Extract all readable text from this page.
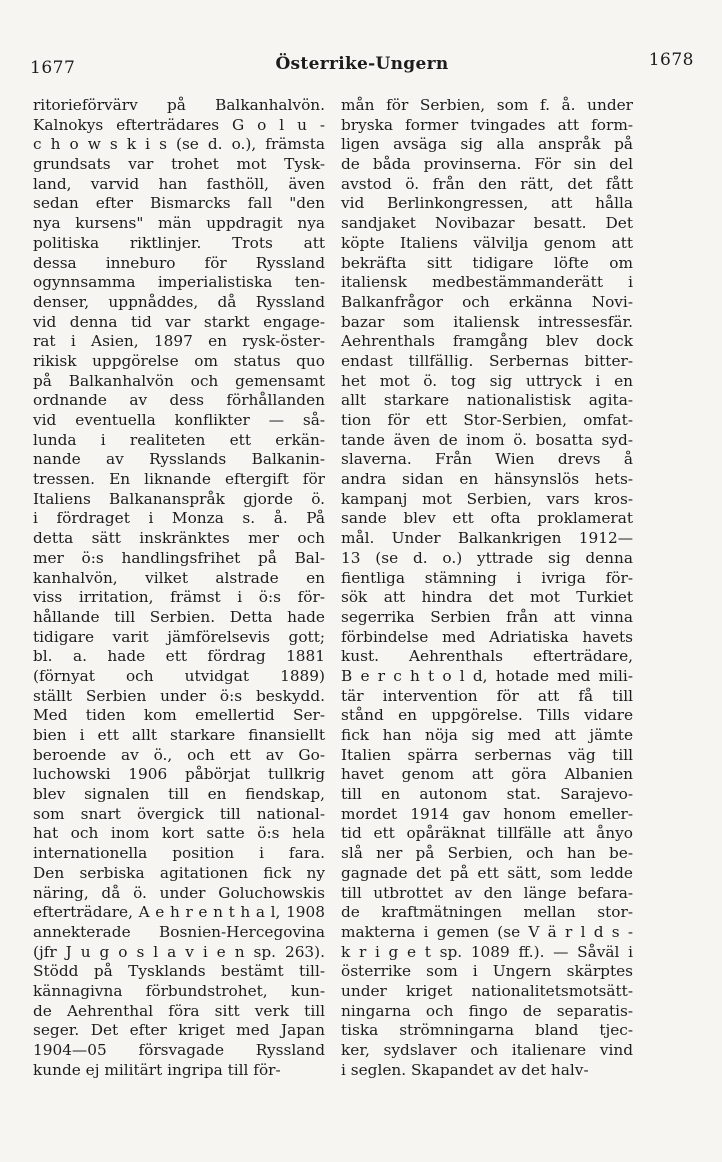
1677	Österrike-Ungern	1678
ritorieförvärv på Balkanhalvön.
Kalnokys efterträdares G o l u -
c h o w s k i s (se d. o.), främsta
grundsats var trohet mot Tysk-
land, varvid han fasthöll, även
sedan efter Bismarcks fall "den
nya kursens" män uppdragit nya
politiska riktlinjer. Trots att
dessa inneburo för Ryssland
ogynnsamma imperialistiska ten-
denser, uppnåddes, då Ryssland
vid denna tid var starkt engage-
rat i Asien, 1897 en rysk-öster-
rikisk uppgörelse om status quo
på Balkanhalvön och gemensamt
ordnande av dess förhållanden
vid eventuella konflikter — så-
lunda i realiteten ett erkän-
nande av Rysslands Balkanin-
tressen. En liknande eftergift för
Italiens Balkananspråk gjorde ö.
i fördraget i Monza s. å. På
detta sätt inskränktes mer och
mer ö:s handlingsfrihet på Bal-
kanhalvön, vilket alstrade en
viss irritation, främst i ö:s för-
hållande till Serbien. Detta hade
tidigare varit jämförelsevis gott;
bl. a. hade ett fördrag 1881
(förnyat och utvidgat 1889)
ställt Serbien under ö:s beskydd.
Med tiden kom emellertid Ser-
bien i ett allt starkare finansiellt
beroende av ö., och ett av Go-
luchowski 1906 påbörjat tullkrig
blev signalen till en fiendskap,
som snart övergick till national-
hat och inom kort satte ö:s hela
internationella position i fara.
Den serbiska agitationen fick ny
näring, då ö. under Goluchowskis
efterträdare, A e h r e n t h a l, 1908
annekterade Bosnien-Hercegovina
(jfr J u g o s l a v i e n sp. 263).
Stödd på Tysklands bestämt till-
kännagivna förbundstrohet, kun-
de Aehrenthal föra sitt verk till
seger. Det efter kriget med Japan
1904—05 försvagade Ryssland
kunde ej militärt ingripa till för-
mån för Serbien, som f. å. under
bryska former tvingades att form-
ligen avsäga sig alla anspråk på
de båda provinserna. För sin del
avstod ö. från den rätt, det fått
vid Berlinkongressen, att hålla
sandjaket Novibazar besatt. Det
köpte Italiens välvilja genom att
bekräfta sitt tidigare löfte om
italiensk medbestämmanderätt i
Balkanfrågor och erkänna Novi-
bazar som italiensk intressesfär.
Aehrenthals framgång blev dock
endast tillfällig. Serbernas bitter-
het mot ö. tog sig uttryck i en
allt starkare nationalistisk agita-
tion för ett Stor-Serbien, omfat-
tande även de inom ö. bosatta syd-
slaverna. Från Wien drevs å
andra sidan en hänsynslös hets-
kampanj mot Serbien, vars kros-
sande blev ett ofta proklamerat
mål. Under Balkankrigen 1912—
13 (se d. o.) yttrade sig denna
fientliga stämning i ivriga för-
sök att hindra det mot Turkiet
segerrika Serbien från att vinna
förbindelse med Adriatiska havets
kust. Aehrenthals efterträdare,
B e r c h t o l d, hotade med mili-
tär intervention för att få till
stånd en uppgörelse. Tills vidare
fick han nöja sig med att jämte
Italien spärra serbernas väg till
havet genom att göra Albanien
till en autonom stat. Sarajevo-
mordet 1914 gav honom emeller-
tid ett opåräknat tillfälle att ånyo
slå ner på Serbien, och han be-
gagnade det på ett sätt, som ledde
till utbrottet av den länge befara-
de kraftmätningen mellan stor-
makterna i gemen (se V ä r l d s -
k r i g e t sp. 1089 ff.). — Såväl i
österrike som i Ungern skärptes
under kriget nationalitetsmotsätt-
ningarna och fingo de separatis-
tiska strömningarna bland tjec-
ker, sydslaver och italienare vind
i seglen. Skapandet av det halv-
